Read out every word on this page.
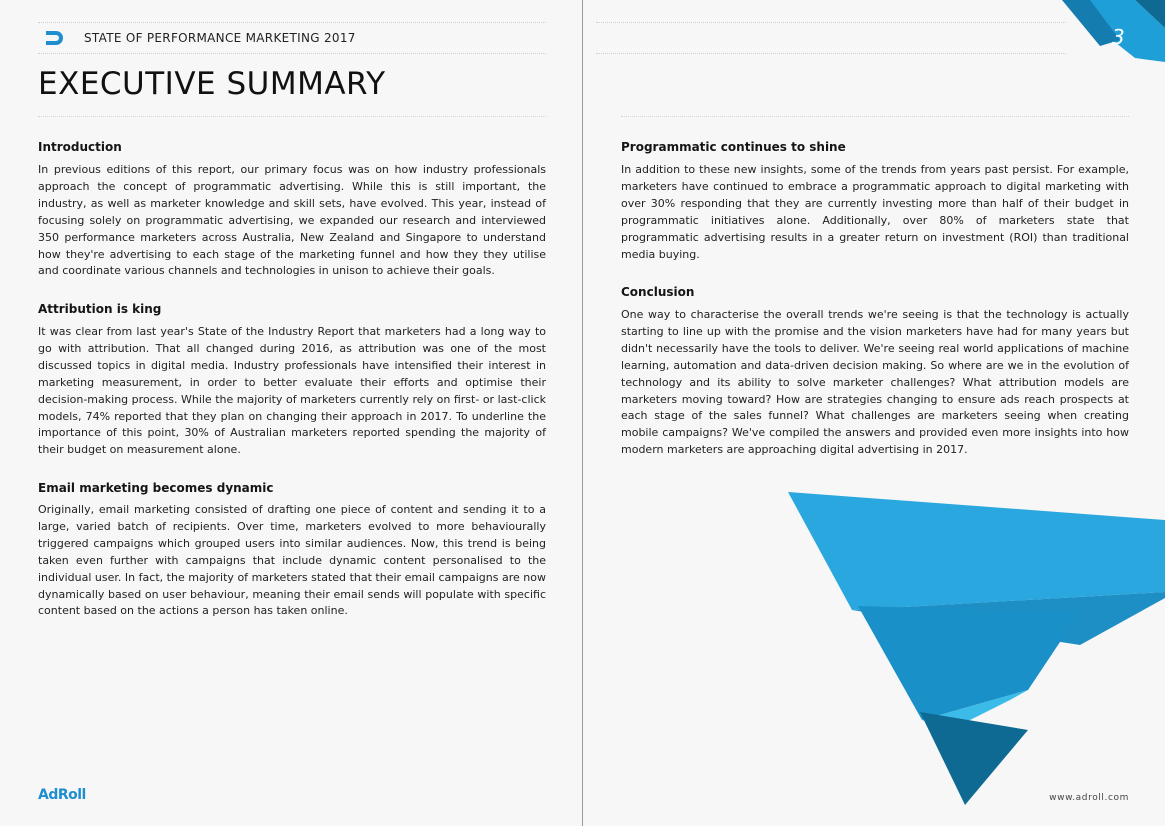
STATE OF PERFORMANCE MARKETING 2017	3
EXECUTIVE SUMMARY
Introduction

In previous editions of this report, our primary focus was on how industry professionals approach the concept of programmatic advertising. While this is still important, the industry, as well as marketer knowledge and skill sets, have evolved. This year, instead of focusing solely on programmatic advertising, we expanded our research and interviewed 350 performance marketers across Australia, New Zealand and Singapore to understand how they're advertising to each stage of the marketing funnel and how they they utilise and coordinate various channels and technologies in unison to achieve their goals.

Attribution is king

It was clear from last year's State of the Industry Report that marketers had a long way to go with attribution. That all changed during 2016, as attribution was one of the most discussed topics in digital media. Industry professionals have intensified their interest in marketing measurement, in order to better evaluate their efforts and optimise their decision-making process. While the majority of marketers currently rely on first- or last-click models, 74% reported that they plan on changing their approach in 2017. To underline the importance of this point, 30% of Australian marketers reported spending the majority of their budget on measurement alone.

Email marketing becomes dynamic

Originally, email marketing consisted of drafting one piece of content and sending it to a large, varied batch of recipients. Over time, marketers evolved to more behaviourally triggered campaigns which grouped users into similar audiences. Now, this trend is being taken even further with campaigns that include dynamic content personalised to the individual user. In fact, the majority of marketers stated that their email campaigns are now dynamically based on user behaviour, meaning their email sends will populate with specific content based on the actions a person has taken online.

Programmatic continues to shine

In addition to these new insights, some of the trends from years past persist. For example, marketers have continued to embrace a programmatic approach to digital marketing with over 30% responding that they are currently investing more than half of their budget in programmatic initiatives alone. Additionally, over 80% of marketers state that programmatic advertising results in a greater return on investment (ROI) than traditional media buying.

Conclusion

One way to characterise the overall trends we're seeing is that the technology is actually starting to line up with the promise and the vision marketers have had for many years but didn't necessarily have the tools to deliver. We're seeing real world applications of machine learning, automation and data-driven decision making. So where are we in the evolution of technology and its ability to solve marketer challenges? What attribution models are marketers moving toward? How are strategies changing to ensure ads reach prospects at each stage of the sales funnel? What challenges are marketers seeing when creating mobile campaigns? We've compiled the answers and provided even more insights into how modern marketers are approaching digital advertising in 2017.

AdRoll	www.adroll.com
